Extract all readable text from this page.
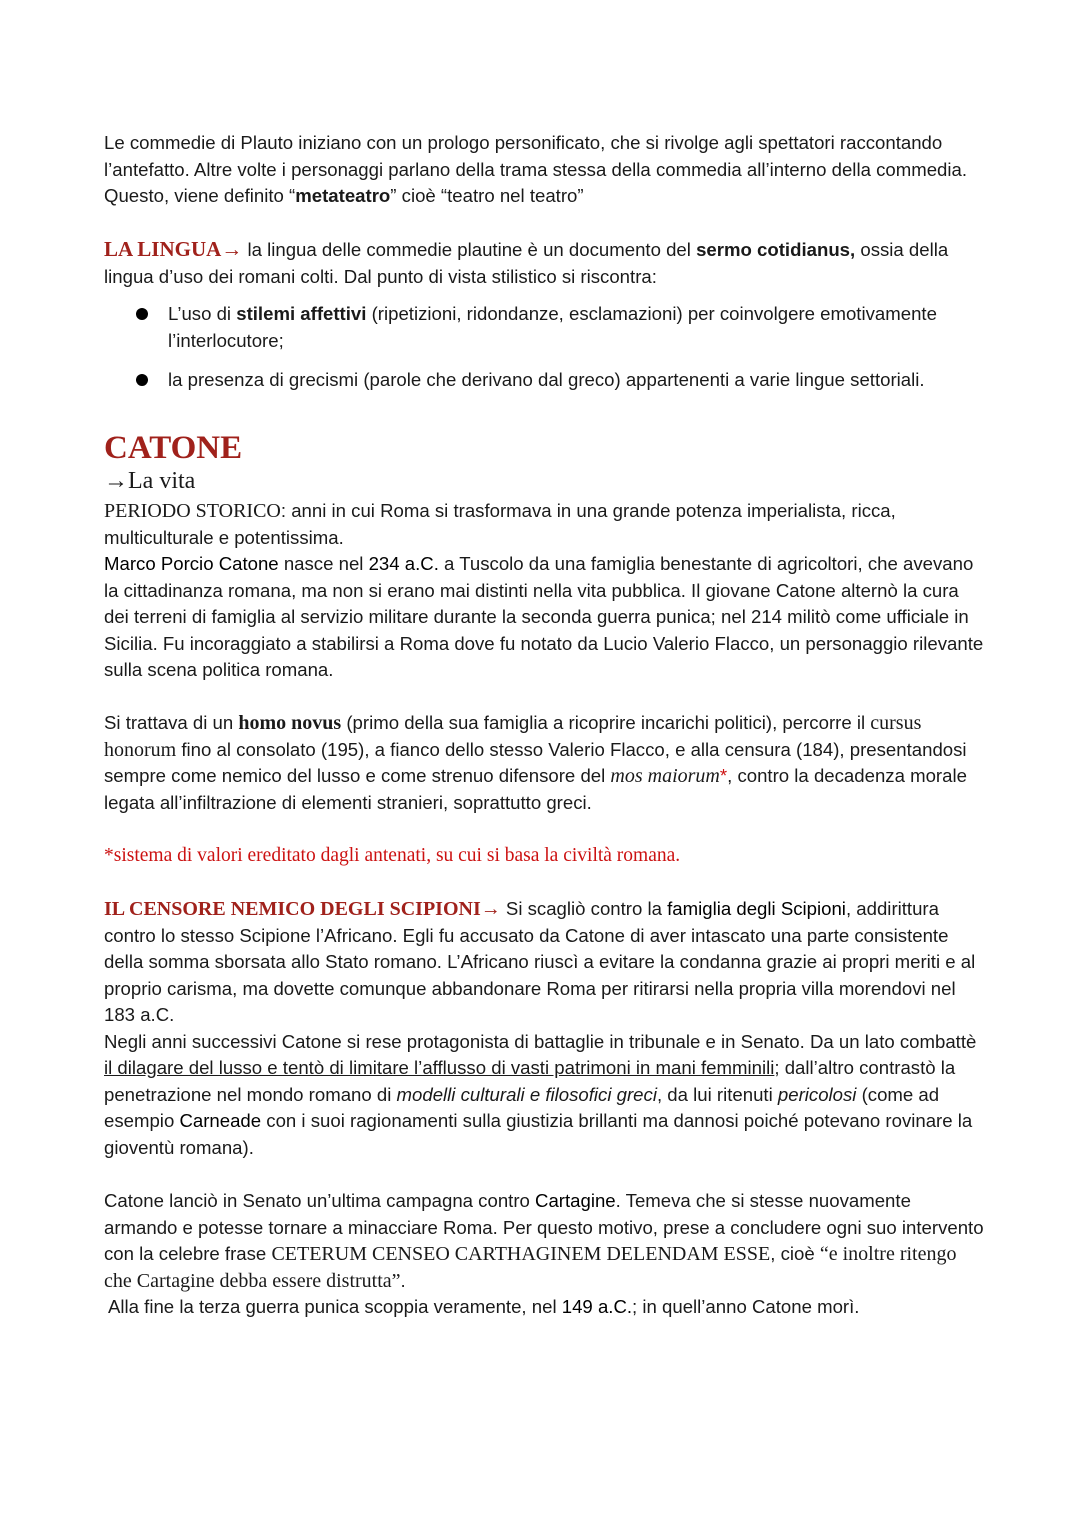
Le commedie di Plauto iniziano con un prologo personificato, che si rivolge agli spettatori raccontando l’antefatto. Altre volte i personaggi parlano della trama stessa della commedia all’interno della commedia. Questo, viene definito “metateatro” cioè “teatro nel teatro”

LA LINGUA→ la lingua delle commedie plautine è un documento del sermo cotidianus, ossia della lingua d’uso dei romani colti. Dal punto di vista stilistico si riscontra:

L’uso di stilemi affettivi (ripetizioni, ridondanze, esclamazioni) per coinvolgere emotivamente l’interlocutore;
la presenza di grecismi (parole che derivano dal greco) appartenenti a varie lingue settoriali.
CATONE
→La vita

PERIODO STORICO: anni in cui Roma si trasformava in una grande potenza imperialista, ricca, multiculturale e potentissima.

Marco Porcio Catone nasce nel 234 a.C. a Tuscolo da una famiglia benestante di agricoltori, che avevano la cittadinanza romana, ma non si erano mai distinti nella vita pubblica. Il giovane Catone alternò la cura dei terreni di famiglia al servizio militare durante la seconda guerra punica; nel 214 militò come ufficiale in Sicilia. Fu incoraggiato a stabilirsi a Roma dove fu notato da Lucio Valerio Flacco, un personaggio rilevante sulla scena politica romana.

Si trattava di un homo novus (primo della sua famiglia a ricoprire incarichi politici), percorre il cursus honorum fino al consolato (195), a fianco dello stesso Valerio Flacco, e alla censura (184), presentandosi sempre come nemico del lusso e come strenuo difensore del mos maiorum*, contro la decadenza morale legata all’infiltrazione di elementi stranieri, soprattutto greci.

*sistema di valori ereditato dagli antenati, su cui si basa la civiltà romana.

IL CENSORE NEMICO DEGLI SCIPIONI→ Si scagliò contro la famiglia degli Scipioni, addirittura contro lo stesso Scipione l’Africano. Egli fu accusato da Catone di aver intascato una parte consistente della somma sborsata allo Stato romano. L’Africano riuscì a evitare la condanna grazie ai propri meriti e al proprio carisma, ma dovette comunque abbandonare Roma per ritirarsi nella propria villa morendovi nel 183 a.C.
Negli anni successivi Catone si rese protagonista di battaglie in tribunale e in Senato. Da un lato combattè il dilagare del lusso e tentò di limitare l’afflusso di vasti patrimoni in mani femminili; dall’altro contrastò la penetrazione nel mondo romano di modelli culturali e filosofici greci, da lui ritenuti pericolosi (come ad esempio Carneade con i suoi ragionamenti sulla giustizia brillanti ma dannosi poiché potevano rovinare la gioventù romana).

Catone lanciò in Senato un’ultima campagna contro Cartagine. Temeva che si stesse nuovamente armando e potesse tornare a minacciare Roma. Per questo motivo, prese a concludere ogni suo intervento con la celebre frase CETERUM CENSEO CARTHAGINEM DELENDAM ESSE, cioè “e inoltre ritengo che Cartagine debba essere distrutta”.
Alla fine la terza guerra punica scoppia veramente, nel 149 a.C.; in quell’anno Catone morì.
